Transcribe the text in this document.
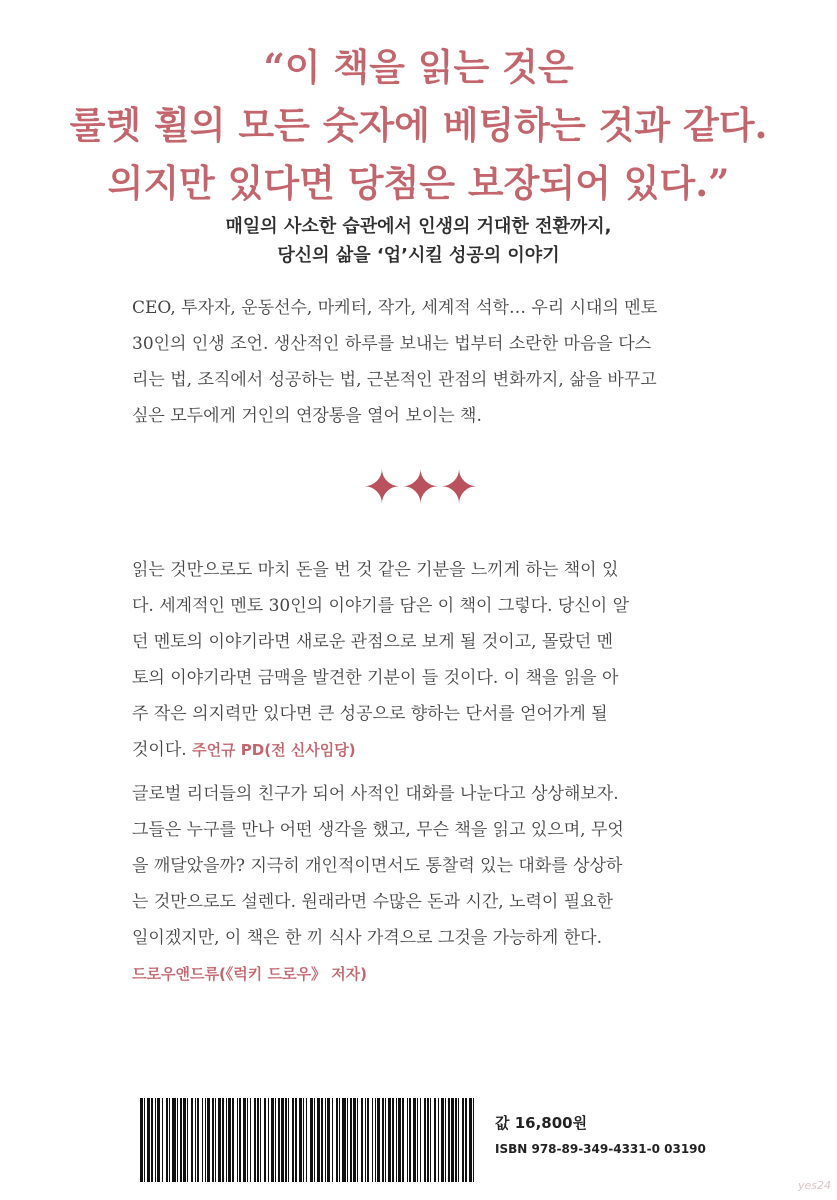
“이 책을 읽는 것은
룰렛 휠의 모든 숫자에 베팅하는 것과 같다.
의지만 있다면 당첨은 보장되어 있다.”
매일의 사소한 습관에서 인생의 거대한 전환까지,
당신의 삶을 ‘업’시킬 성공의 이야기
CEO, 투자자, 운동선수, 마케터, 작가, 세계적 석학… 우리 시대의 멘토
30인의 인생 조언. 생산적인 하루를 보내는 법부터 소란한 마음을 다스
리는 법, 조직에서 성공하는 법, 근본적인 관점의 변화까지, 삶을 바꾸고
싶은 모두에게 거인의 연장통을 열어 보이는 책.
✦✦✦
읽는 것만으로도 마치 돈을 번 것 같은 기분을 느끼게 하는 책이 있
다. 세계적인 멘토 30인의 이야기를 담은 이 책이 그렇다. 당신이 알
던 멘토의 이야기라면 새로운 관점으로 보게 될 것이고, 몰랐던 멘
토의 이야기라면 금맥을 발견한 기분이 들 것이다. 이 책을 읽을 아
주 작은 의지력만 있다면 큰 성공으로 향하는 단서를 얻어가게 될
것이다. 주언규 PD(전 신사임당)
글로벌 리더들의 친구가 되어 사적인 대화를 나눈다고 상상해보자.
그들은 누구를 만나 어떤 생각을 했고, 무슨 책을 읽고 있으며, 무엇
을 깨달았을까? 지극히 개인적이면서도 통찰력 있는 대화를 상상하
는 것만으로도 설렌다. 원래라면 수많은 돈과 시간, 노력이 필요한
일이겠지만, 이 책은 한 끼 식사 가격으로 그것을 가능하게 한다.
드로우앤드류(《럭키 드로우》 저자)
값 16,800원
ISBN 978-89-349-4331-0 03190
yes24
